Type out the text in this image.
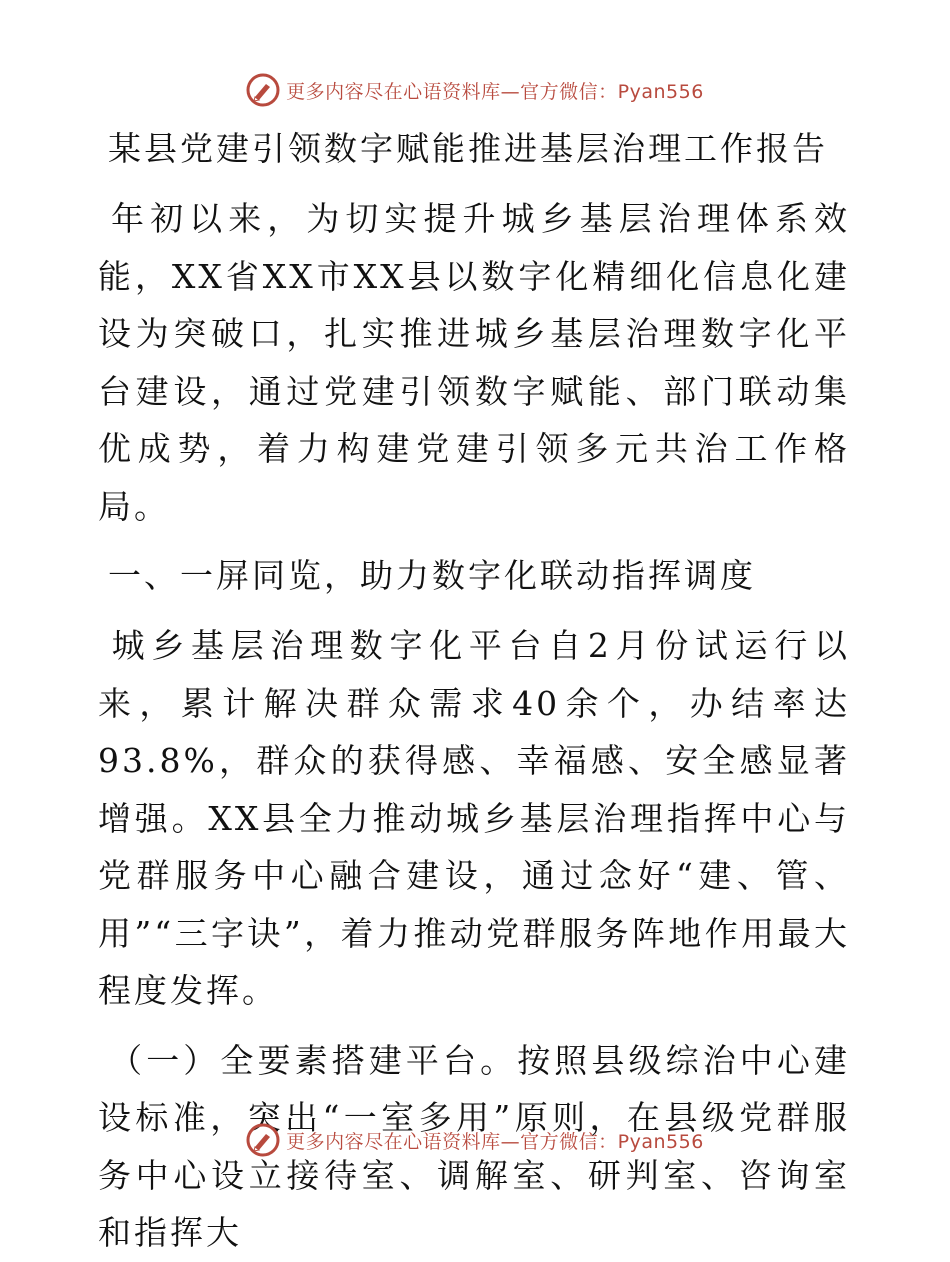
更多内容尽在心语资料库—官方微信：Pyan556
某县党建引领数字赋能推进基层治理工作报告

年初以来，为切实提升城乡基层治理体系效能，XX省XX市XX县以数字化精细化信息化建设为突破口，扎实推进城乡基层治理数字化平台建设，通过党建引领数字赋能、部门联动集优成势，着力构建党建引领多元共治工作格局。

一、一屏同览，助力数字化联动指挥调度

城乡基层治理数字化平台自2月份试运行以来，累计解决群众需求40余个，办结率达93.8%，群众的获得感、幸福感、安全感显著增强。XX县全力推动城乡基层治理指挥中心与党群服务中心融合建设，通过念好“建、管、用”“三字诀”，着力推动党群服务阵地作用最大程度发挥。

（一）全要素搭建平台。按照县级综治中心建设标准，突出“一室多用”原则，在县级党群服务中心设立接待室、调解室、研判室、咨询室和指挥大

更多内容尽在心语资料库—官方微信：Pyan556
